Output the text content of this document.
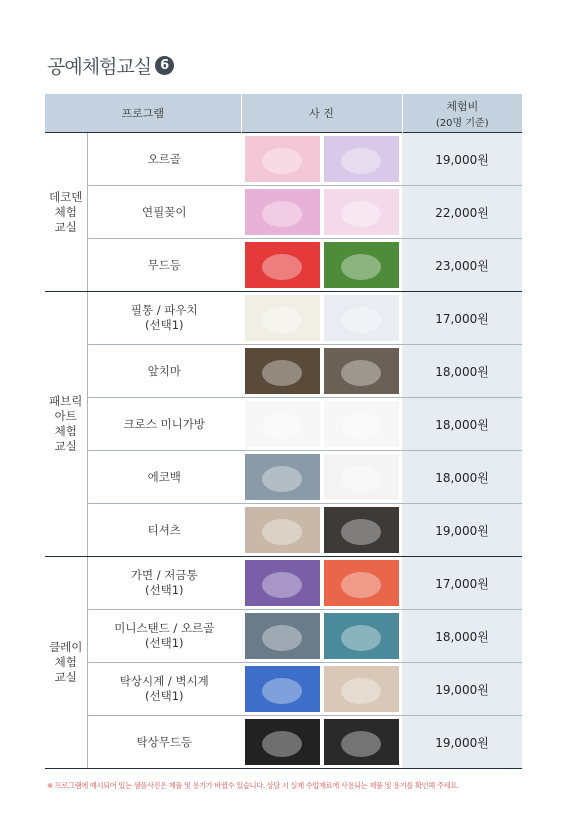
공예체험교실 6
프로그램		사 진	체험비
(20명 기준)

데코덴
체험
교실	오르골		19,000원
	연필꽂이		22,000원
	무드등		23,000원
패브릭
아트
체험
교실	필통 / 파우치
(선택1)		17,000원
	앞치마		18,000원
	크로스 미니가방		18,000원
	에코백		18,000원
	티셔츠		19,000원
클레이
체험
교실	가면 / 저금통
(선택1)		17,000원
	미니스탠드 / 오르골
(선택1)		18,000원
	탁상시계 / 벽시계
(선택1)		19,000원
	탁상무드등		19,000원
※ 프로그램에 예시되어 있는 샘플사진은 제품 및 용기가 바뀔수 있습니다. 상담 시 실제 수업재료에 사용되는 제품 및 용기를 확인해 주세요.
